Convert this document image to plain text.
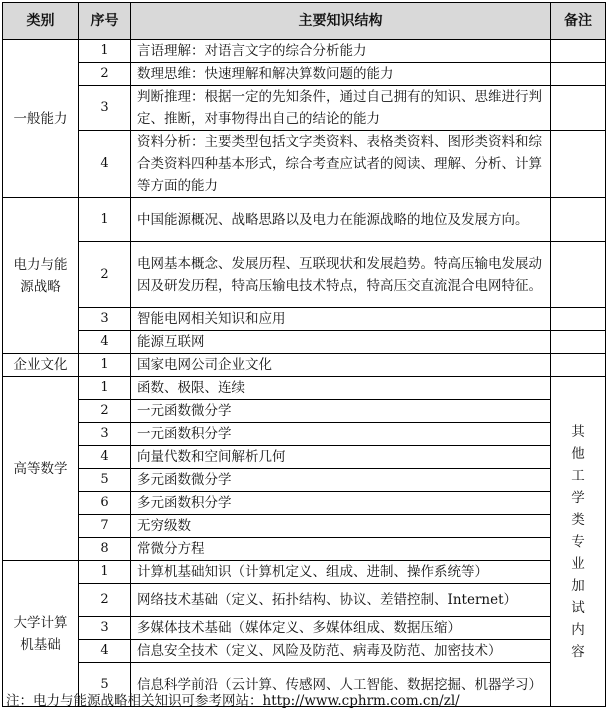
类别	序号	主要知识结构	备注
一般能力	1	言语理解：对语言文字的综合分析能力	
	2	数理思维：快速理解和解决算数问题的能力	
	3	判断推理：根据一定的先知条件，通过自己拥有的知识、思维进行判定、推断，对事物得出自己的结论的能力	
	4	资料分析：主要类型包括文字类资料、表格类资料、图形类资料和综合类资料四种基本形式，综合考查应试者的阅读、理解、分析、计算等方面的能力	
电力与能源战略	1	中国能源概况、战略思路以及电力在能源战略的地位及发展方向。	
	2	电网基本概念、发展历程、互联现状和发展趋势。特高压输电发展动因及研发历程，特高压输电技术特点，特高压交直流混合电网特征。	
	3	智能电网相关知识和应用	
	4	能源互联网	
企业文化	1	国家电网公司企业文化	
高等数学	1	函数、极限、连续	其他工学类专业加试内容
	2	一元函数微分学	
	3	一元函数积分学	
	4	向量代数和空间解析几何	
	5	多元函数微分学	
	6	多元函数积分学	
	7	无穷级数	
	8	常微分方程	
大学计算机基础	1	计算机基础知识（计算机定义、组成、进制、操作系统等）	
	2	网络技术基础（定义、拓扑结构、协议、差错控制、Internet）	
	3	多媒体技术基础（媒体定义、多媒体组成、数据压缩）	
	4	信息安全技术（定义、风险及防范、病毒及防范、加密技术）	
	5	信息科学前沿（云计算、传感网、人工智能、数据挖掘、机器学习）	
注：电力与能源战略相关知识可参考网站：http://www.cphrm.com.cn/zl/
